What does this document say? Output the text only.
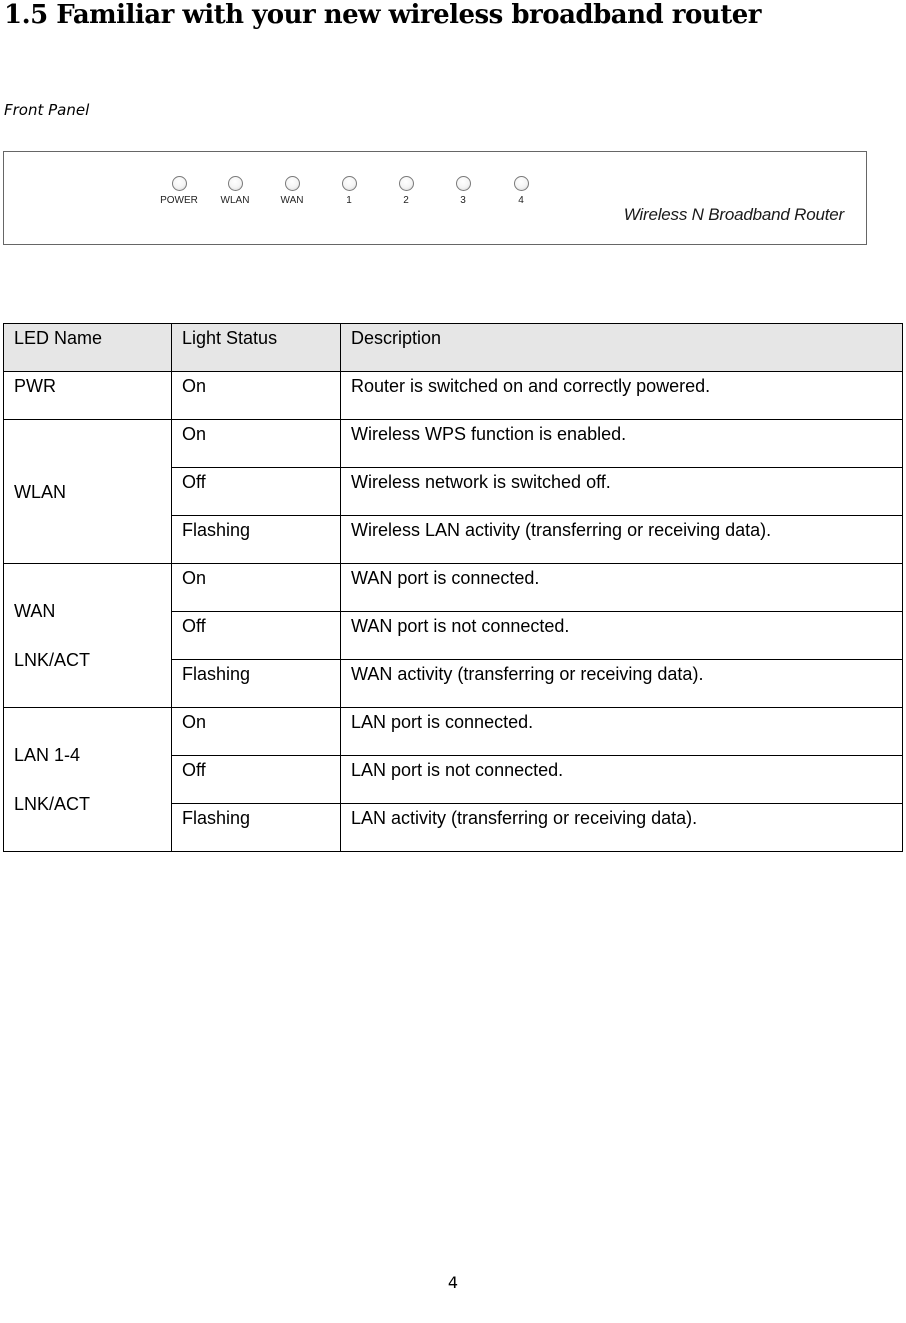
1.5 Familiar with your new wireless broadband router
Front Panel
POWER	WLAN	WAN	1	2	3	4
Wireless N Broadband Router
LED Name	Light Status	Description

PWR	On	Router is switched on and correctly powered.

WLAN	On	Wireless WPS function is enabled.
	Off	Wireless network is switched off.
	Flashing	Wireless LAN activity (transferring or receiving data).

WAN
LNK/ACT	On	WAN port is connected.
	Off	WAN port is not connected.
	Flashing	WAN activity (transferring or receiving data).

LAN 1-4
LNK/ACT	On	LAN port is connected.
	Off	LAN port is not connected.
	Flashing	LAN activity (transferring or receiving data).
4
